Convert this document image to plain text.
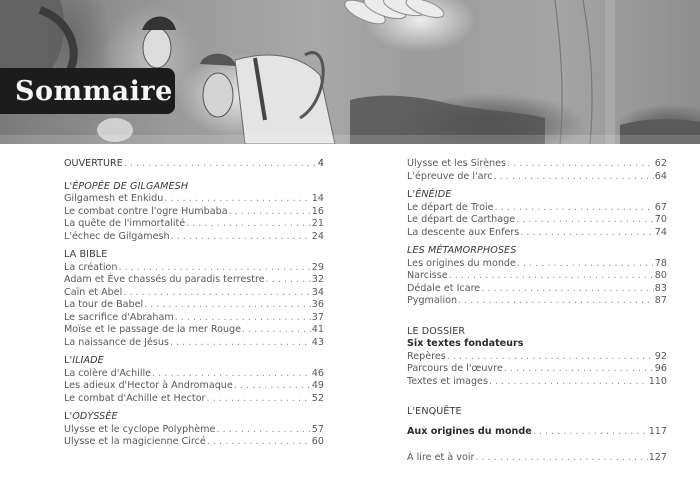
Sommaire
OUVERTURE . . .	4
L'ÉPOPÉE DE GILGAMESH
Gilgamesh et Enkidu . . .	14
Le combat contre l'ogre Humbaba . . .	16
La quête de l'immortalité . . .	21
L'échec de Gilgamesh . . .	24
LA BIBLE
La création . . .	29
Adam et Ève chassés du paradis terrestre . . .	32
Caïn et Abel . . .	34
La tour de Babel . . .	36
Le sacrifice d'Abraham . . .	37
Moïse et le passage de la mer Rouge . . .	41
La naissance de Jésus . . .	43
L'ILIADE
La colère d'Achille . . .	46
Les adieux d'Hector à Andromaque . . .	49
Le combat d'Achille et Hector . . .	52
L'ODYSSÉE
Ulysse et le cyclope Polyphème . . .	57
Ulysse et la magicienne Circé . . .	60
Ulysse et les Sirènes . . .	62
L'épreuve de l'arc . . .	64
L'ÉNÉIDE
Le départ de Troie . . .	67
Le départ de Carthage . . .	70
La descente aux Enfers . . .	74
LES MÉTAMORPHOSES
Les origines du monde . . .	78
Narcisse . . .	80
Dédale et Icare . . .	83
Pygmalion . . .	87
LE DOSSIER
Six textes fondateurs
Repères . . .	92
Parcours de l'œuvre . . .	96
Textes et images . . .	110
L'ENQUÊTE
Aux origines du monde . . .	117
À lire et à voir . . .	127
